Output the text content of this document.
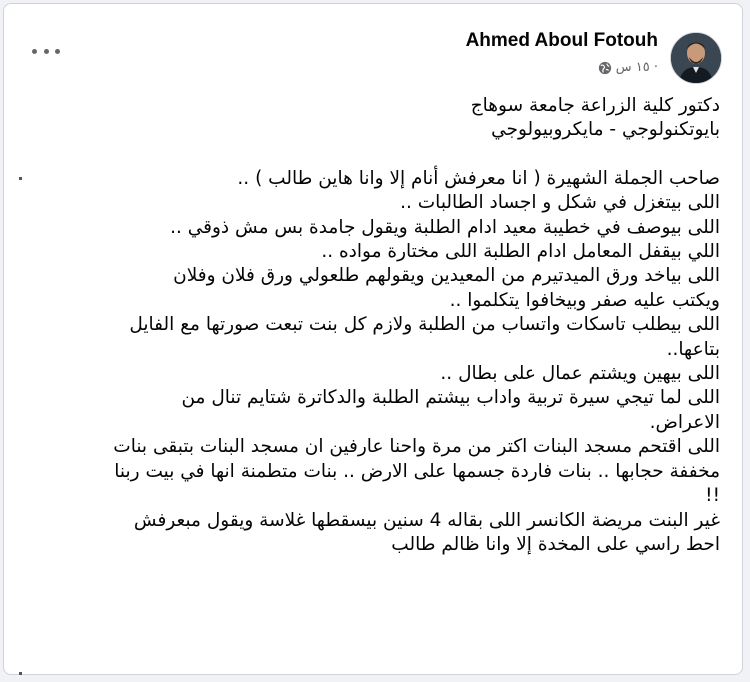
Ahmed Aboul Fotouh
١٥ س ·

دكتور كلية الزراعة جامعة سوهاج

بايوتكنولوجي - مايكروبيولوجي

صاحب الجملة الشهيرة ( انا معرفش أنام إلا وانا هاين طالب ) ..

اللى بيتغزل في شكل و اجساد الطالبات ..

اللى بيوصف في خطيبة معيد ادام الطلبة ويقول جامدة بس مش ذوقي ..

اللي بيقفل المعامل ادام الطلبة اللى مختارة مواده ..

اللى بياخد ورق الميدتيرم من المعيدين ويقولهم طلعولي ورق فلان وفلان

ويكتب عليه صفر وبيخافوا يتكلموا ..

اللى بيطلب تاسكات واتساب من الطلبة ولازم كل بنت تبعت صورتها مع الفايل

بتاعها..

اللى بيهين ويشتم عمال على بطال ..

اللى لما تيجي سيرة تربية واداب بيشتم الطلبة والدكاترة شتايم تنال من

الاعراض.

اللى اقتحم مسجد البنات اكتر من مرة واحنا عارفين ان مسجد البنات بتبقى بنات

مخففة حجابها .. بنات فاردة جسمها على الارض .. بنات متطمنة انها في بيت ربنا

!!

غير البنت مريضة الكانسر اللى بقاله 4 سنين بيسقطها غلاسة ويقول مبعرفش

احط راسي على المخدة إلا وانا ظالم طالب
